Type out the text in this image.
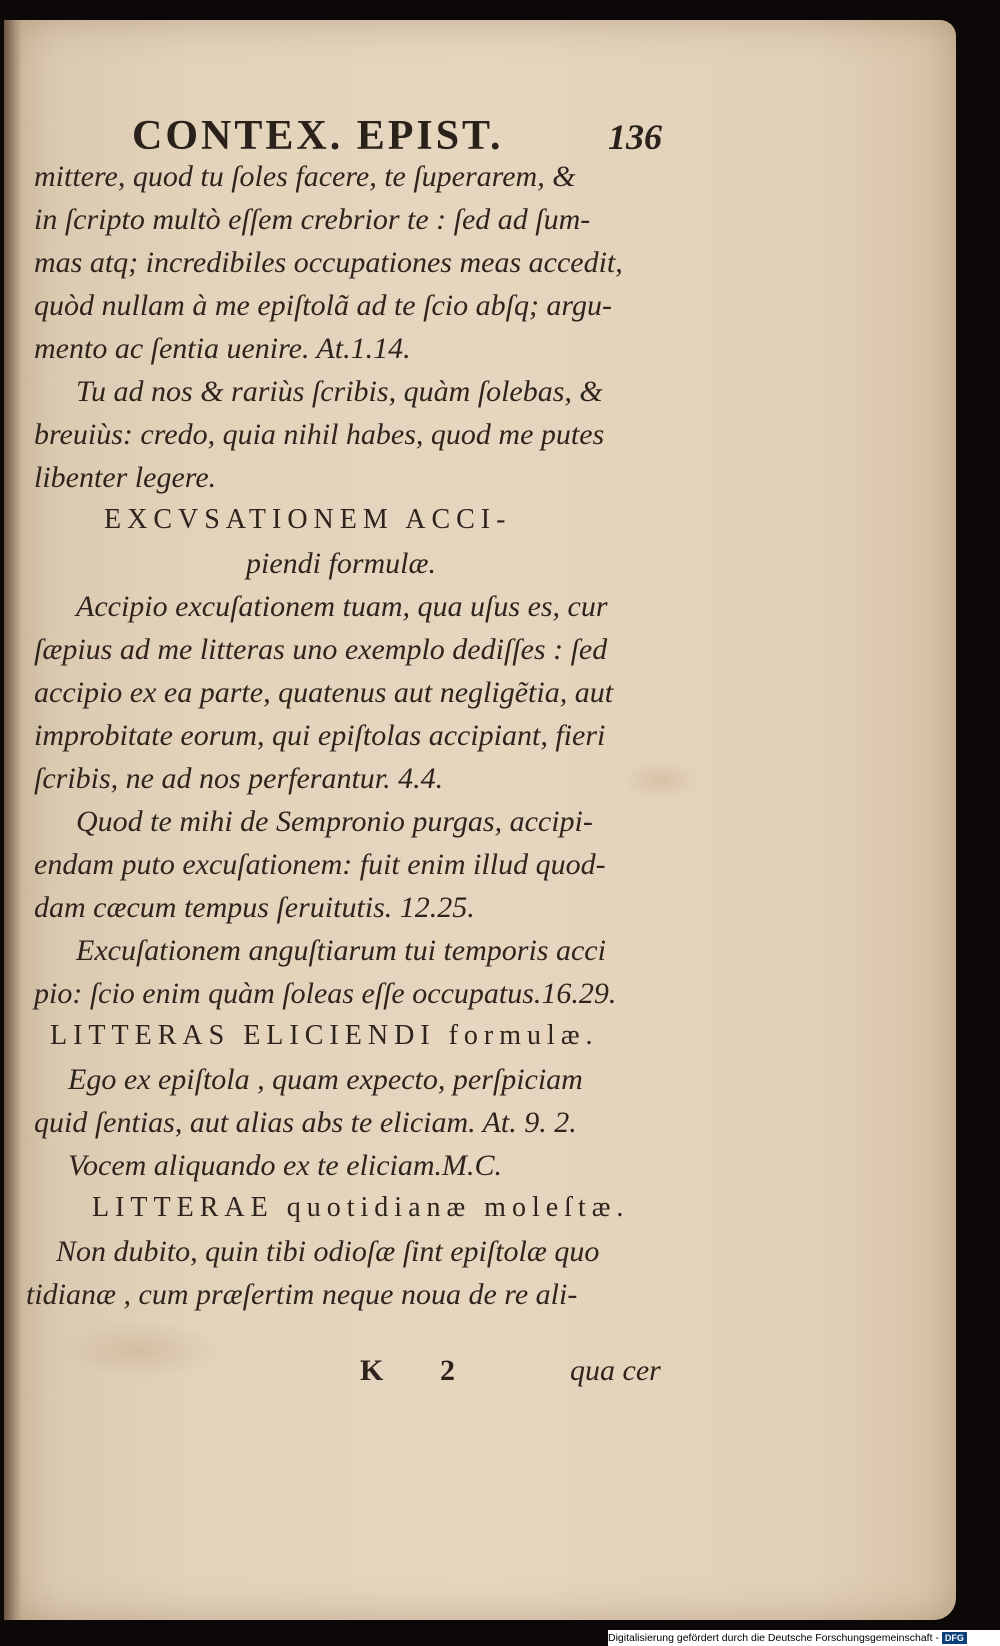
CONTEX. EPIST.	136
mittere, quod tu ſoles facere, te ſuperarem, &
in ſcripto multò eſſem crebrior te : ſed ad ſum-
mas atq; incredibiles occupationes meas accedit,
quòd nullam à me epiſtolã ad te ſcio abſq; argu-
mento ac ſentia uenire. At.1.14.
Tu ad nos & rariùs ſcribis, quàm ſolebas, &
breuiùs: credo, quia nihil habes, quod me putes
libenter legere.
EXCVSATIONEM ACCI-
piendi formulæ.
Accipio excuſationem tuam, qua uſus es, cur
ſæpius ad me litteras uno exemplo dediſſes : ſed
accipio ex ea parte, quatenus aut negligẽtia, aut
improbitate eorum, qui epiſtolas accipiant, fieri
ſcribis, ne ad nos perferantur. 4.4.
Quod te mihi de Sempronio purgas, accipi-
endam puto excuſationem: fuit enim illud quod-
dam cæcum tempus ſeruitutis. 12.25.
Excuſationem anguſtiarum tui temporis acci
pio: ſcio enim quàm ſoleas eſſe occupatus.16.29.
LITTERAS ELICIENDI formulæ.
Ego ex epiſtola , quam expecto, perſpiciam
quid ſentias, aut alias abs te eliciam. At. 9. 2.
Vocem aliquando ex te eliciam.M.C.
LITTERAE quotidianæ moleſtæ.
Non dubito, quin tibi odioſæ ſint epiſtolæ quo
tidianæ , cum præſertim neque noua de re ali-
K 2	qua cer
Digitalisierung gefördert durch die Deutsche Forschungsgemeinschaft - DFG
